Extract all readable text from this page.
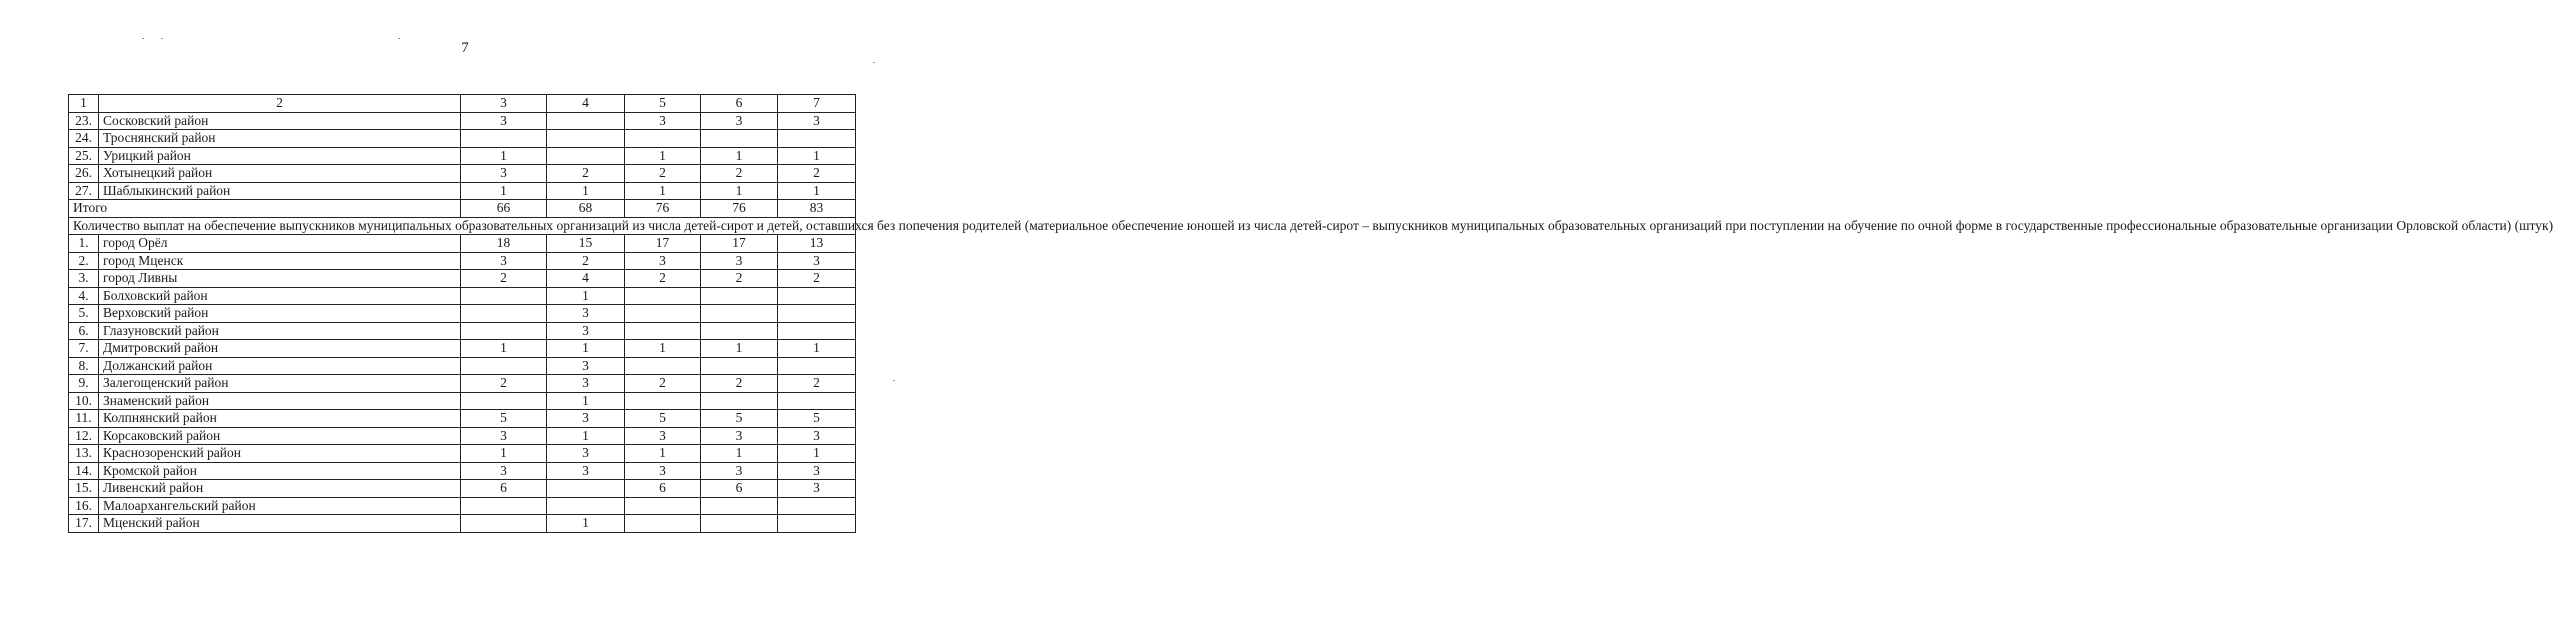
7
1	2	3	4	5	6	7
23.	Сосковский район	3		3	3	3
24.	Троснянский район					
25.	Урицкий район	1		1	1	1
26.	Хотынецкий район	3	2	2	2	2
27.	Шаблыкинский район	1	1	1	1	1
Итого		66	68	76	76	83
Количество выплат на обеспечение выпускников муниципальных образовательных организаций из числа детей-сирот и детей, оставшихся без попечения родителей (материальное обеспечение юношей из числа детей-сирот – выпускников муниципальных образовательных организаций при поступлении на обучение по очной форме в государственные профессиональные образовательные организации Орловской области) (штук)						
1.	город Орёл	18	15	17	17	13
2.	город Мценск	3	2	3	3	3
3.	город Ливны	2	4	2	2	2
4.	Болховский район		1			
5.	Верховский район		3			
6.	Глазуновский район		3			
7.	Дмитровский район	1	1	1	1	1
8.	Должанский район		3			
9.	Залегощенский район	2	3	2	2	2
10.	Знаменский район		1			
11.	Колпнянский район	5	3	5	5	5
12.	Корсаковский район	3	1	3	3	3
13.	Краснозоренский район	1	3	1	1	1
14.	Кромской район	3	3	3	3	3
15.	Ливенский район	6		6	6	3
16.	Малоархангельский район					
17.	Мценский район		1			
